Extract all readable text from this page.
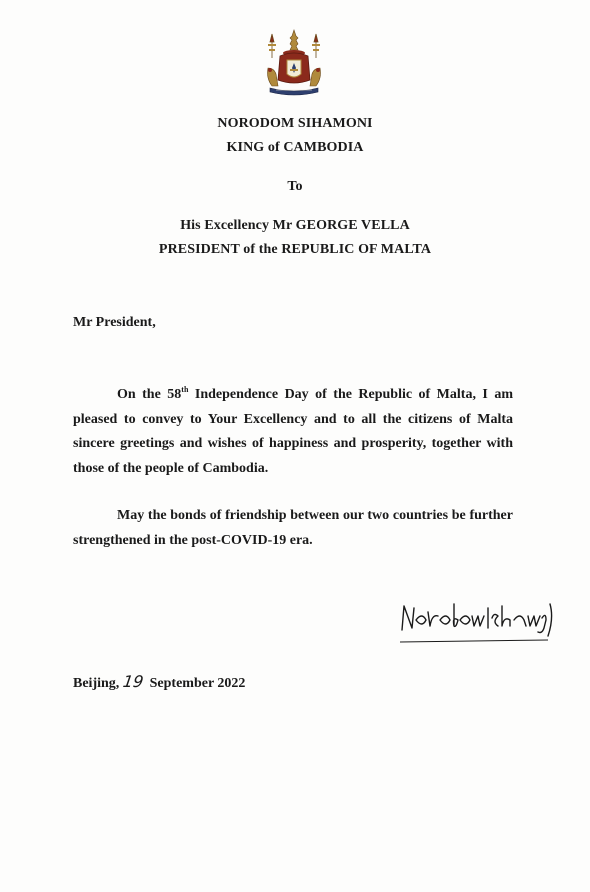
NORODOM SIHAMONI
KING of CAMBODIA
To
His Excellency Mr GEORGE VELLA
PRESIDENT of the REPUBLIC OF MALTA
Mr President,
On the 58th Independence Day of the Republic of Malta, I am pleased to convey to Your Excellency and to all the citizens of Malta sincere greetings and wishes of happiness and prosperity, together with those of the people of Cambodia.
May the bonds of friendship between our two countries be further strengthened in the post-COVID-19 era.
Beijing, 19 September 2022
